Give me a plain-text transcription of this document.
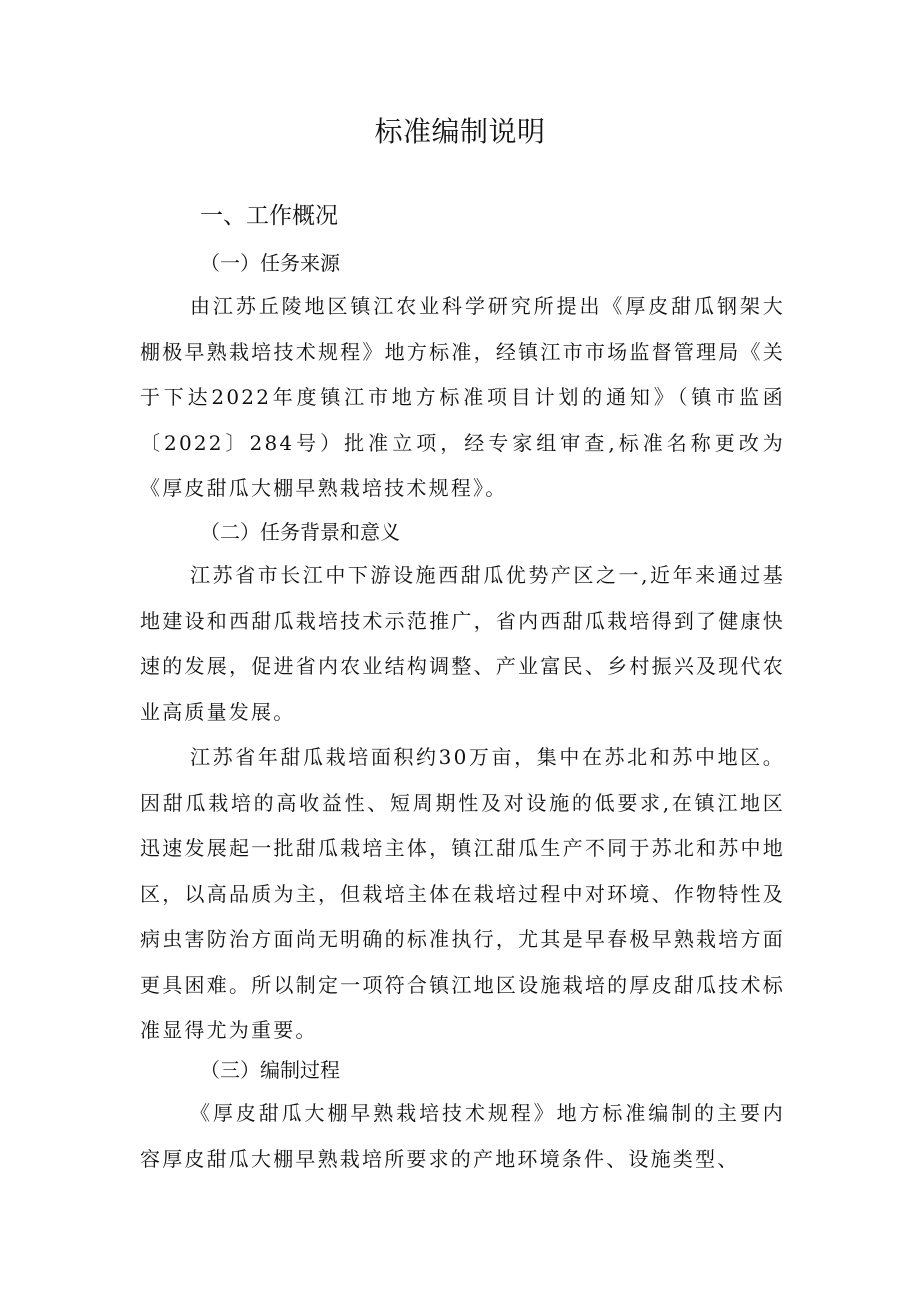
标准编制说明
一、工作概况
（一）任务来源

由江苏丘陵地区镇江农业科学研究所提出《厚皮甜瓜钢架大棚极早熟栽培技术规程》地方标准，经镇江市市场监督管理局《关于下达2022年度镇江市地方标准项目计划的通知》（镇市监函〔2022〕284号）批准立项，经专家组审查,标准名称更改为《厚皮甜瓜大棚早熟栽培技术规程》。

（二）任务背景和意义

江苏省市长江中下游设施西甜瓜优势产区之一,近年来通过基地建设和西甜瓜栽培技术示范推广，省内西甜瓜栽培得到了健康快速的发展，促进省内农业结构调整、产业富民、乡村振兴及现代农业高质量发展。

江苏省年甜瓜栽培面积约30万亩，集中在苏北和苏中地区。因甜瓜栽培的高收益性、短周期性及对设施的低要求,在镇江地区迅速发展起一批甜瓜栽培主体，镇江甜瓜生产不同于苏北和苏中地区，以高品质为主，但栽培主体在栽培过程中对环境、作物特性及病虫害防治方面尚无明确的标准执行，尤其是早春极早熟栽培方面更具困难。所以制定一项符合镇江地区设施栽培的厚皮甜瓜技术标准显得尤为重要。

（三）编制过程

《厚皮甜瓜大棚早熟栽培技术规程》地方标准编制的主要内容厚皮甜瓜大棚早熟栽培所要求的产地环境条件、设施类型、
